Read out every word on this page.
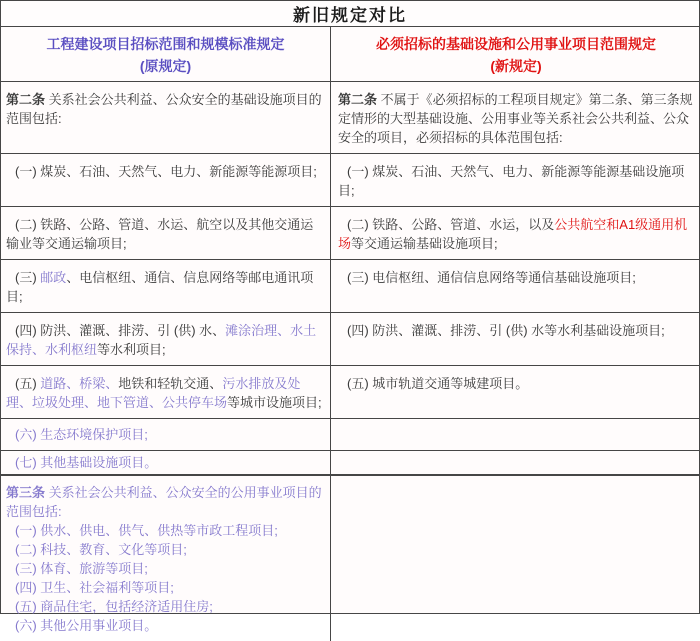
新旧规定对比
工程建设项目招标范围和规模标准规定
(原规定)
必须招标的基础设施和公用事业项目范围规定
(新规定)
第二条 关系社会公共利益、公众安全的基础设施项目的范围包括:
第二条 不属于《必须招标的工程项目规定》第二条、第三条规定情形的大型基础设施、公用事业等关系社会公共利益、公众安全的项目，必须招标的具体范围包括:
(一) 煤炭、石油、天然气、电力、新能源等能源项目;	(一) 煤炭、石油、天然气、电力、新能源等能源基础设施项目;
(二) 铁路、公路、管道、水运、航空以及其他交通运输业等交通运输项目;
(二) 铁路、公路、管道、水运，以及公共航空和A1级通用机场等交通运输基础设施项目;
(三) 邮政、电信枢纽、通信、信息网络等邮电通讯项目;
(三) 电信枢纽、通信信息网络等通信基础设施项目;
(四) 防洪、灌溉、排涝、引 (供) 水、滩涂治理、水土保持、水利枢纽等水利项目;
(四) 防洪、灌溉、排涝、引 (供) 水等水利基础设施项目;
(五) 道路、桥梁、地铁和轻轨交通、污水排放及处理、垃圾处理、地下管道、公共停车场等城市设施项目;
(五) 城市轨道交通等城建项目。
(六) 生态环境保护项目;
(七) 其他基础设施项目。
第三条 关系社会公共利益、公众安全的公用事业项目的范围包括:
(一) 供水、供电、供气、供热等市政工程项目;
(二) 科技、教育、文化等项目;
(三) 体育、旅游等项目;
(四) 卫生、社会福利等项目;
(五) 商品住宅，包括经济适用住房;
(六) 其他公用事业项目。
